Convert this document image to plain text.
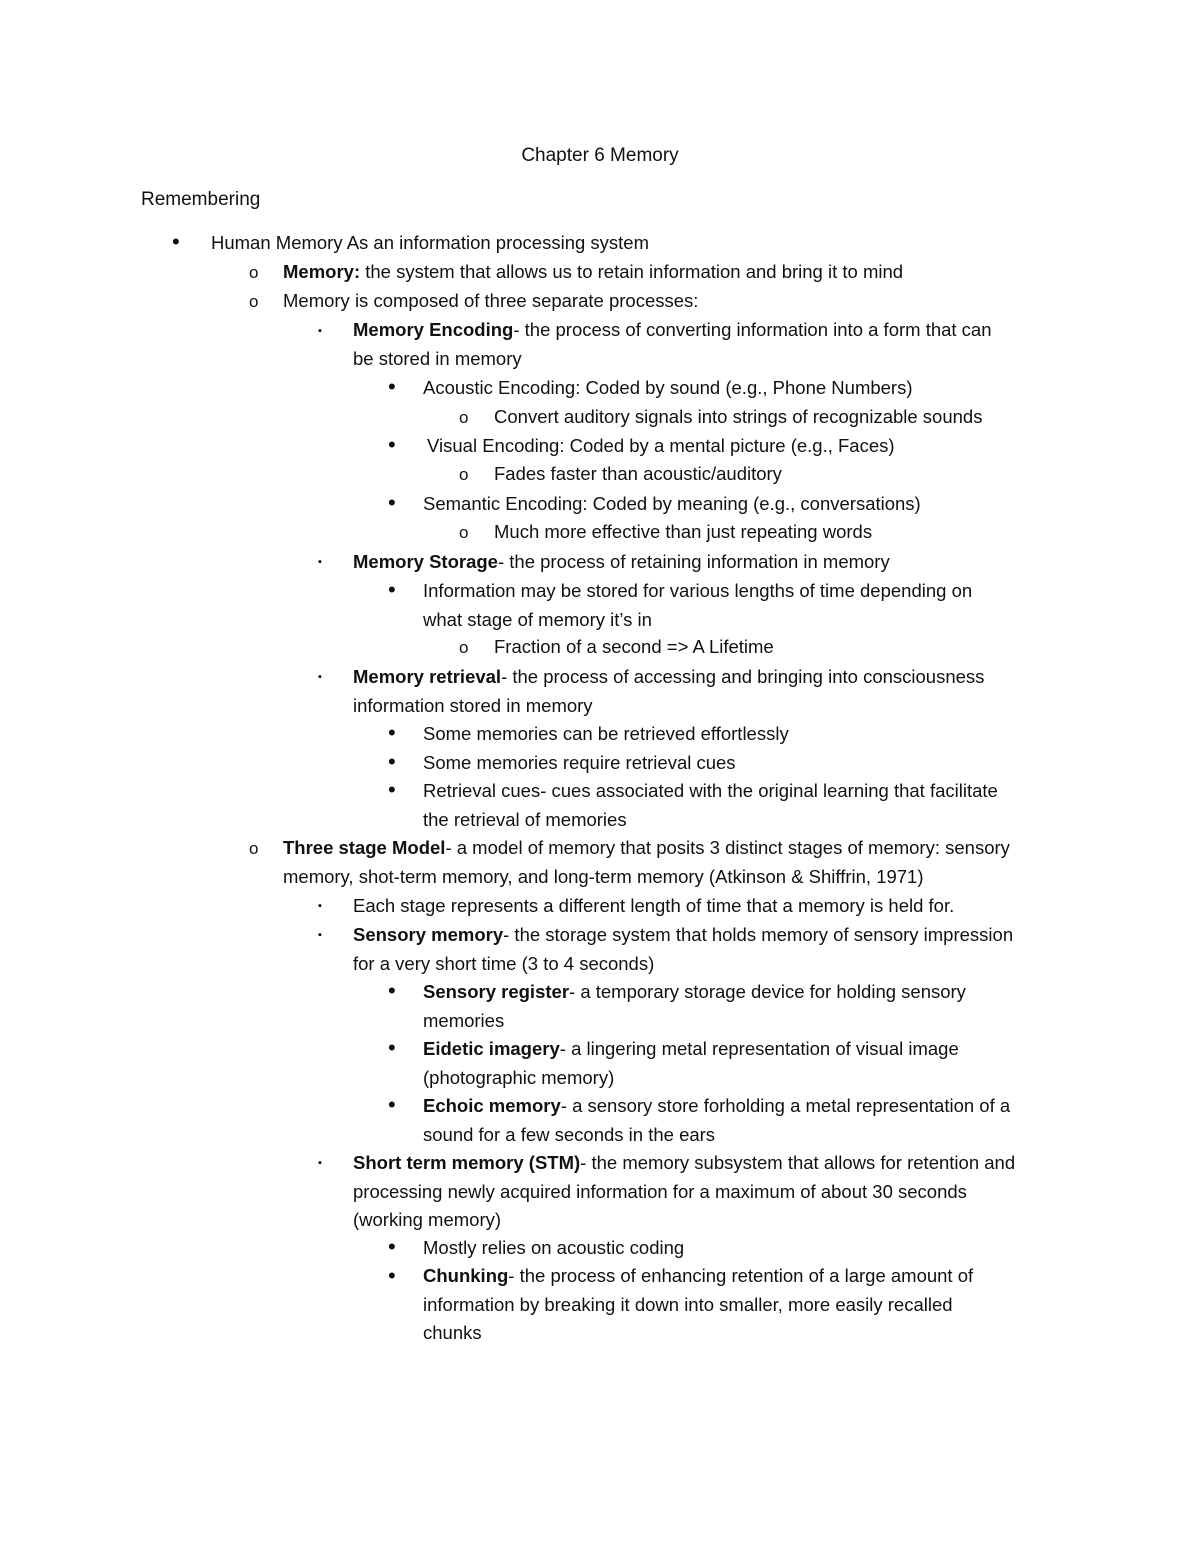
Chapter 6 Memory
Remembering
• Human Memory As an information processing system
o Memory: the system that allows us to retain information and bring it to mind
o Memory is composed of three separate processes:
▪ Memory Encoding- the process of converting information into a form that can
be stored in memory
• Acoustic Encoding: Coded by sound (e.g., Phone Numbers)
o Convert auditory signals into strings of recognizable sounds
• Visual Encoding: Coded by a mental picture (e.g., Faces)
o Fades faster than acoustic/auditory
• Semantic Encoding: Coded by meaning (e.g., conversations)
o Much more effective than just repeating words
▪ Memory Storage- the process of retaining information in memory
• Information may be stored for various lengths of time depending on
what stage of memory it’s in
o Fraction of a second => A Lifetime
▪ Memory retrieval- the process of accessing and bringing into consciousness
information stored in memory
• Some memories can be retrieved effortlessly
• Some memories require retrieval cues
• Retrieval cues- cues associated with the original learning that facilitate
the retrieval of memories
o Three stage Model- a model of memory that posits 3 distinct stages of memory: sensory
memory, shot-term memory, and long-term memory (Atkinson & Shiffrin, 1971)
▪ Each stage represents a different length of time that a memory is held for.
▪ Sensory memory- the storage system that holds memory of sensory impression
for a very short time (3 to 4 seconds)
• Sensory register- a temporary storage device for holding sensory
memories
• Eidetic imagery- a lingering metal representation of visual image
(photographic memory)
• Echoic memory- a sensory store forholding a metal representation of a
sound for a few seconds in the ears
▪ Short term memory (STM)- the memory subsystem that allows for retention and
processing newly acquired information for a maximum of about 30 seconds
(working memory)
• Mostly relies on acoustic coding
• Chunking- the process of enhancing retention of a large amount of
information by breaking it down into smaller, more easily recalled
chunks
